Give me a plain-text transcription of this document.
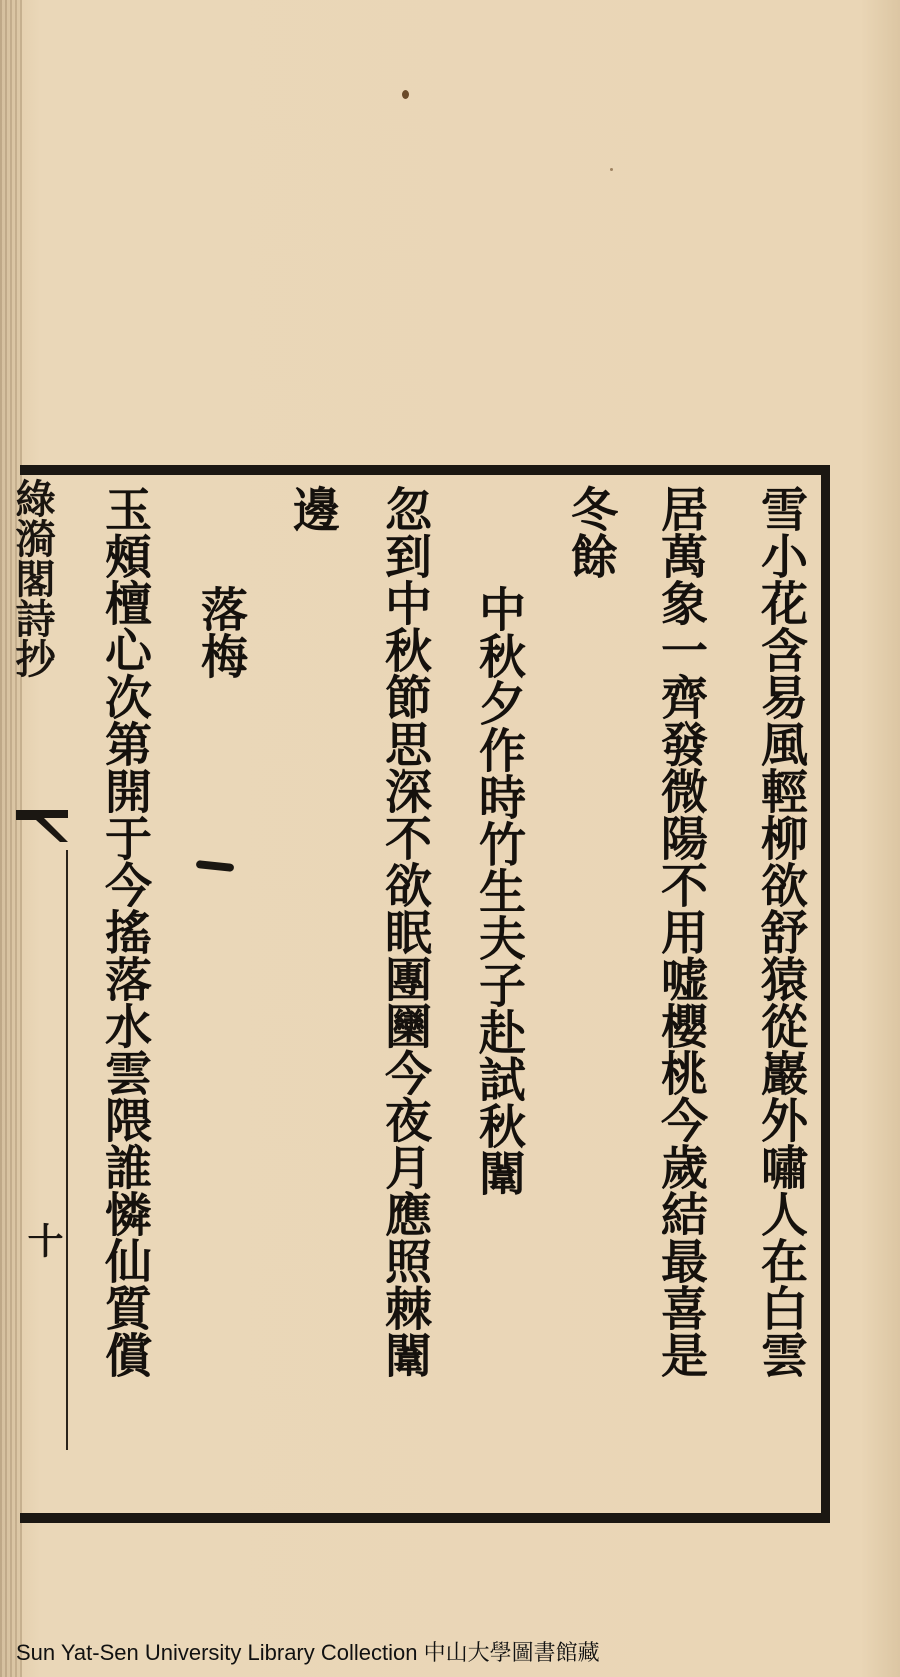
綠漪閣詩抄
十	雪小花含易風輕柳欲舒猿從巖外嘯人在白雲
居萬象一齊發微陽不用嘘櫻桃今歲結最喜是
冬餘
中秋夕作時竹生夫子赴試秋闈
忽到中秋節思深不欲眠團圞今夜月應照棘闈
邊
落梅
玉頰檀心次第開于今搖落水雲隈誰憐仙質償
Sun Yat-Sen University Library Collection 中山大學圖書館藏
